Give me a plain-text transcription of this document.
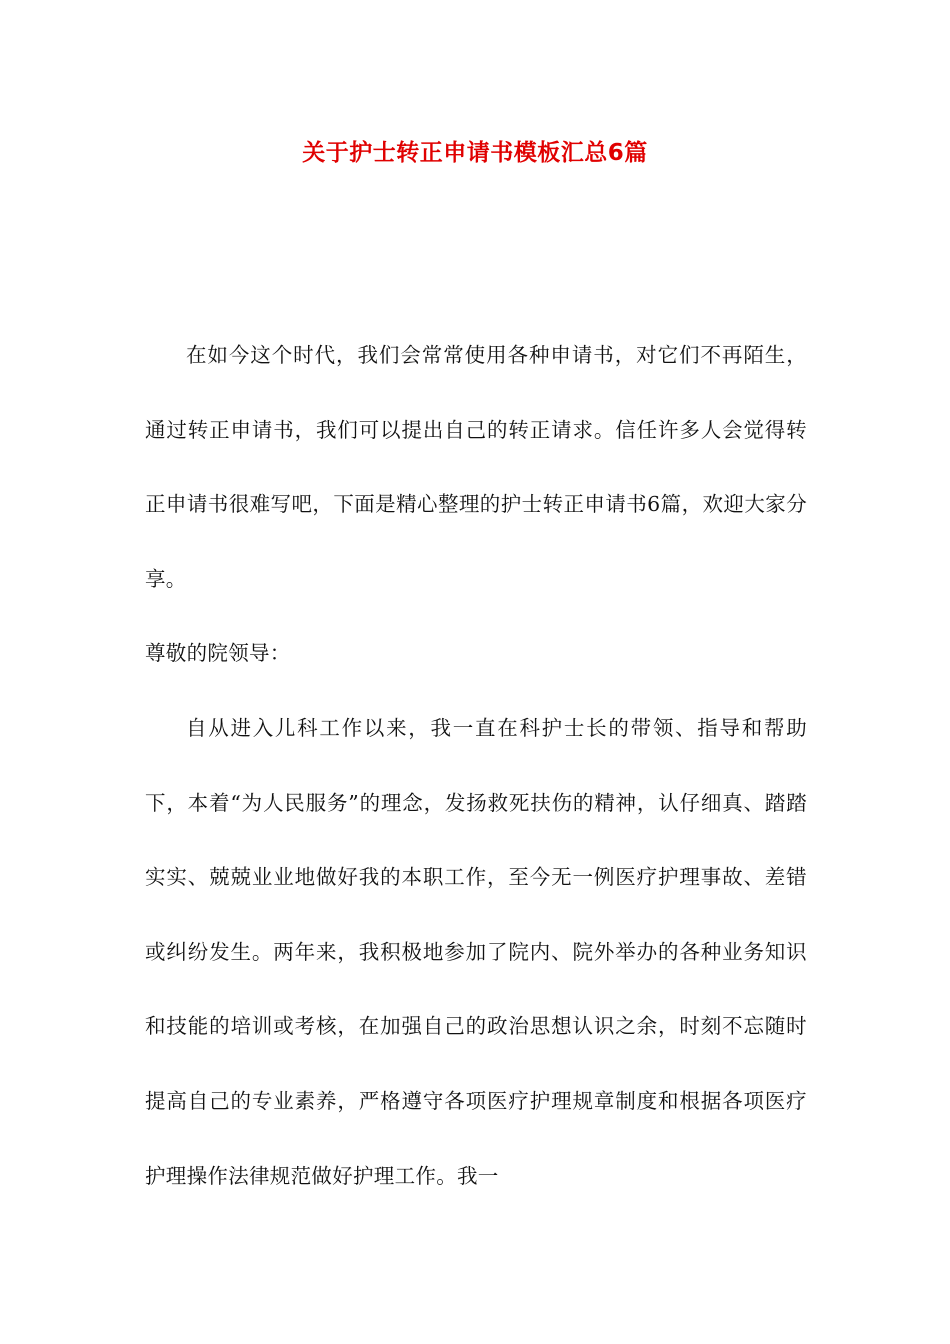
关于护士转正申请书模板汇总6篇

在如今这个时代，我们会常常使用各种申请书，对它们不再陌生，通过转正申请书，我们可以提出自己的转正请求。信任许多人会觉得转正申请书很难写吧，下面是精心整理的护士转正申请书6篇，欢迎大家分享。

尊敬的院领导：

自从进入儿科工作以来，我一直在科护士长的带领、指导和帮助下，本着“为人民服务”的理念，发扬救死扶伤的精神，认仔细真、踏踏实实、兢兢业业地做好我的本职工作，至今无一例医疗护理事故、差错或纠纷发生。两年来，我积极地参加了院内、院外举办的各种业务知识和技能的培训或考核，在加强自己的政治思想认识之余，时刻不忘随时提高自己的专业素养，严格遵守各项医疗护理规章制度和根据各项医疗护理操作法律规范做好护理工作。我一
